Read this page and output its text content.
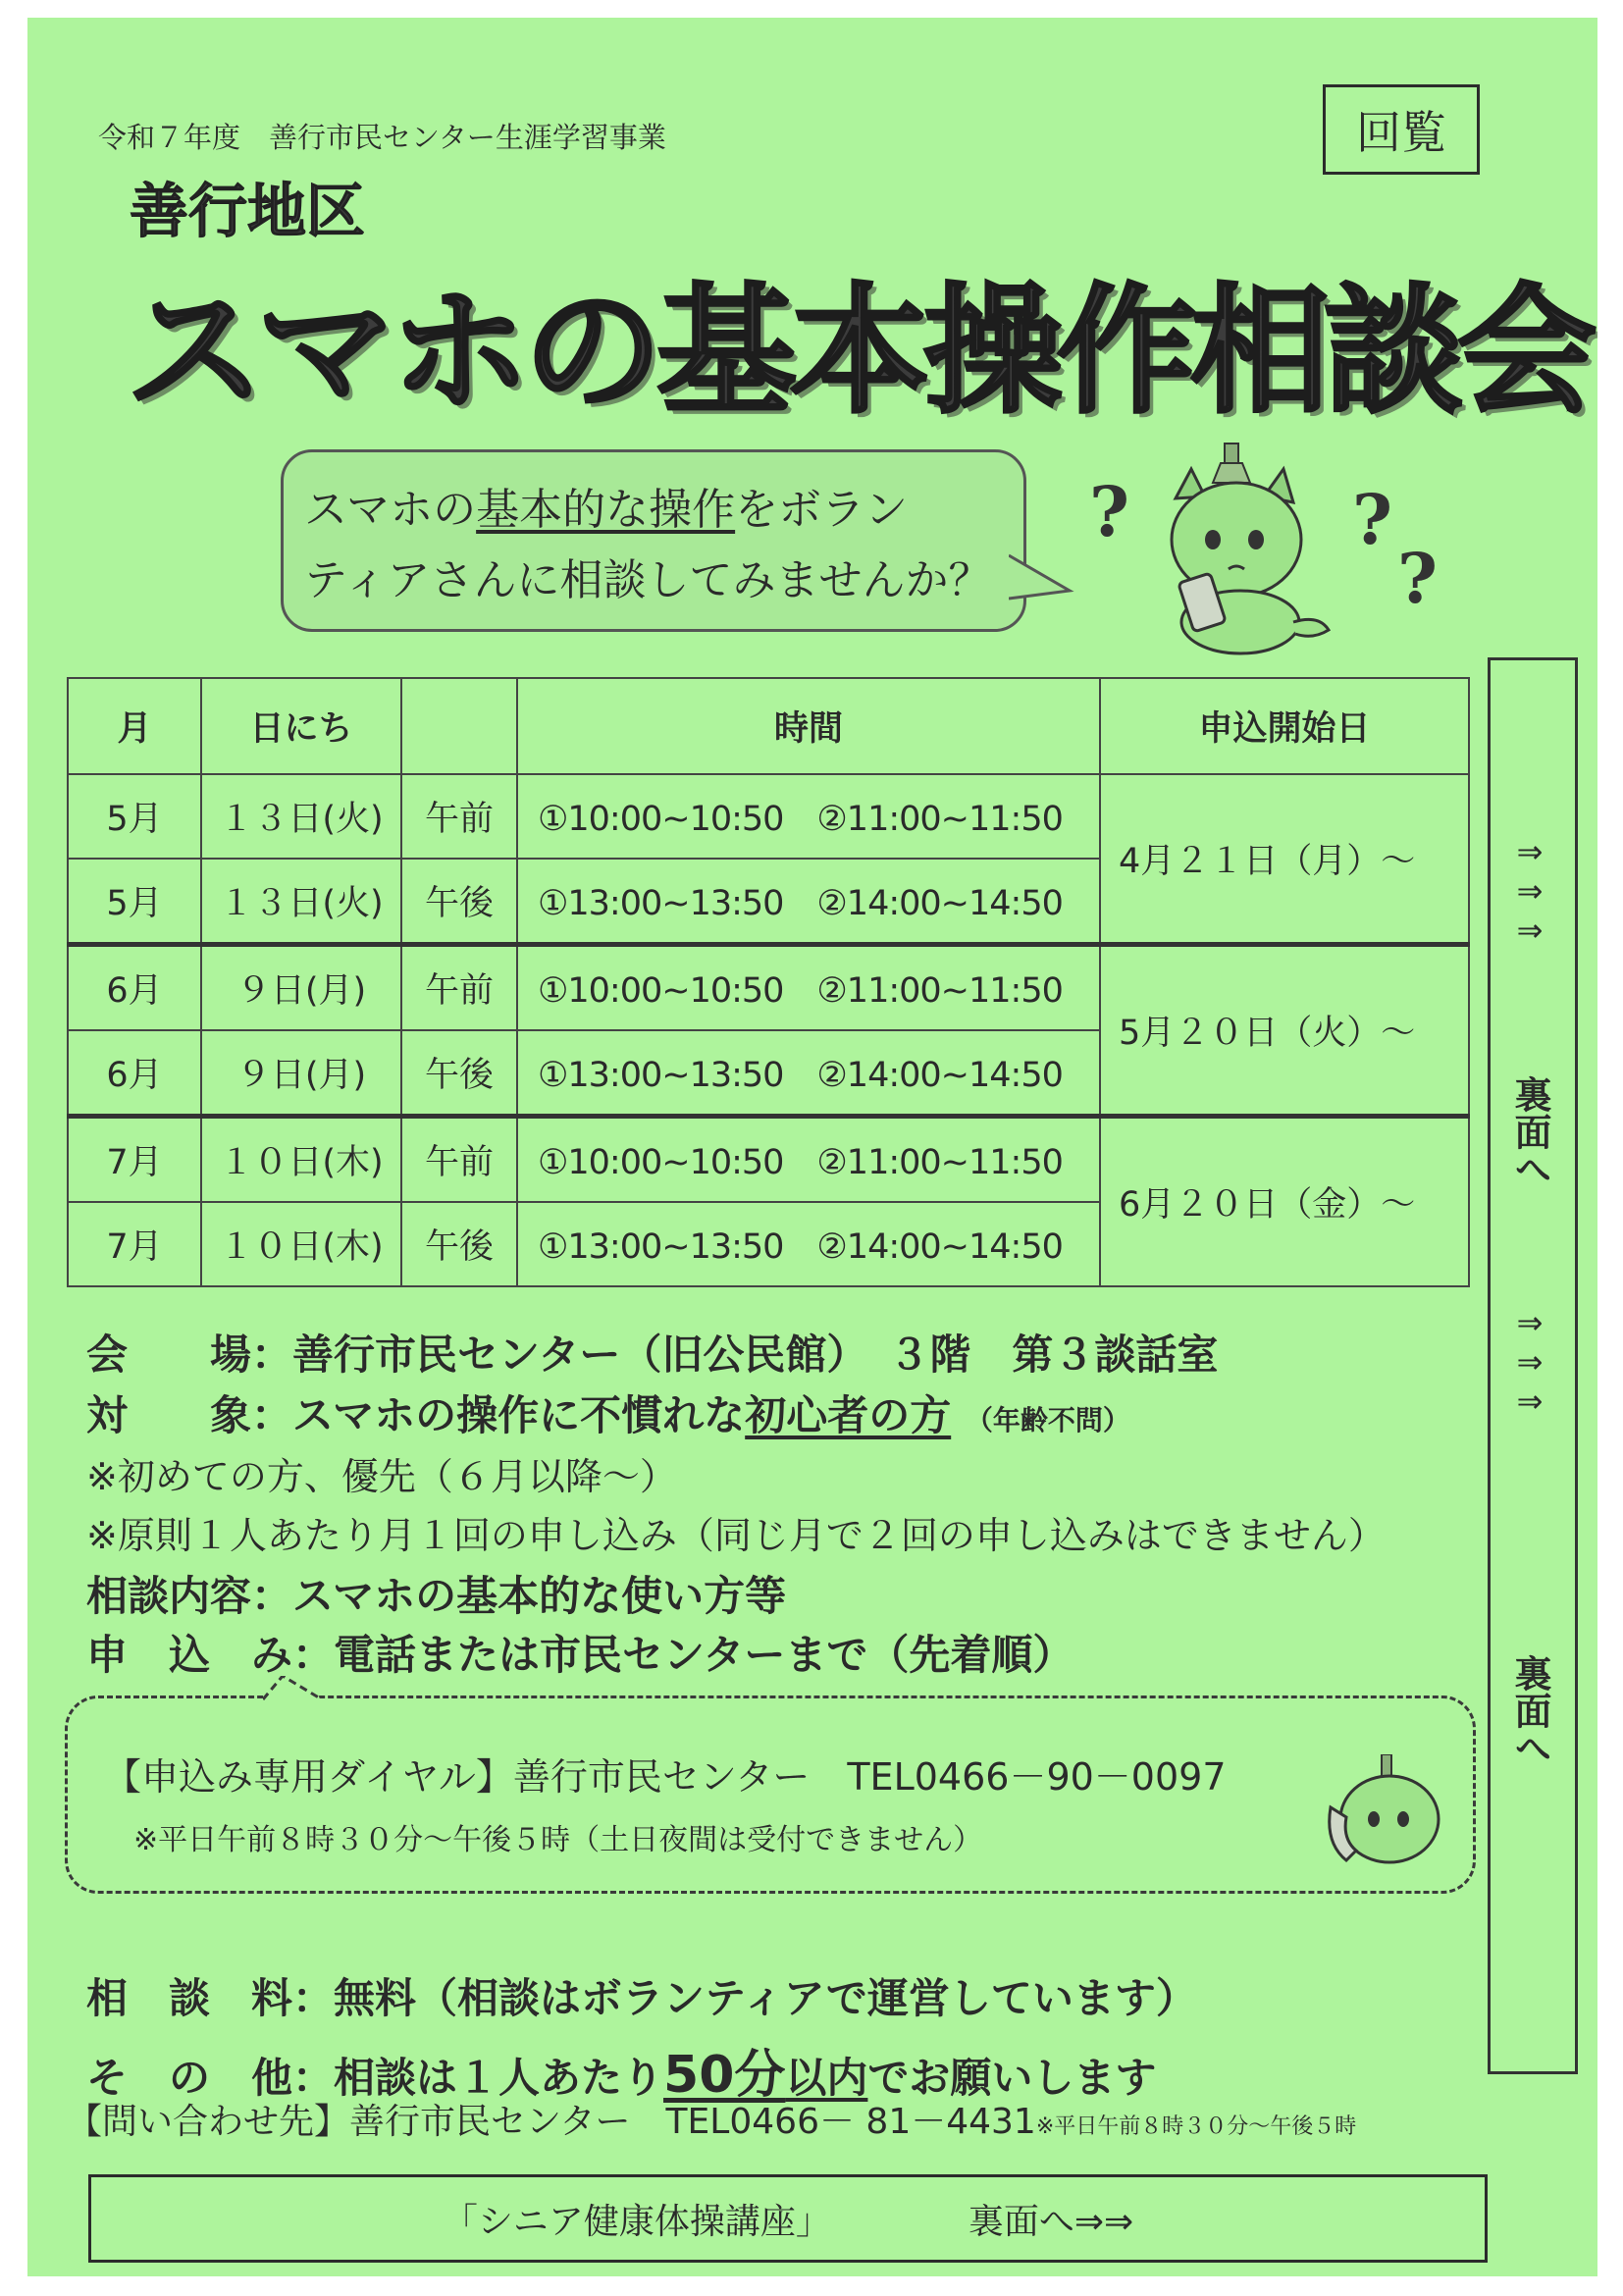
令和７年度　善行市民センター生涯学習事業	回覧
善行地区
スマホの基本操作相談会
スマホの基本的な操作をボラン
ティアさんに相談してみませんか？
?	?
?
月	日にち		時間	申込開始日
5月	１３日(火)	午前	①10:00~10:50　②11:00~11:50	4月２１日（月）～
5月	１３日(火)	午後	①13:00~13:50　②14:00~14:50	
6月	９日(月)	午前	①10:00~10:50　②11:00~11:50	5月２０日（火）～
6月	９日(月)	午後	①13:00~13:50　②14:00~14:50	
7月	１０日(木)	午前	①10:00~10:50　②11:00~11:50	6月２０日（金）～
7月	１０日(木)	午後	①13:00~13:50　②14:00~14:50	
⇒
⇒
⇒
裏面へ
⇒
⇒
⇒
裏面へ
会　　場：善行市民センター（旧公民館）　３階　第３談話室
対　　象：スマホの操作に不慣れな初心者の方 （年齢不問）
※初めての方、優先（６月以降～）
※原則１人あたり月１回の申し込み（同じ月で２回の申し込みはできません）
相談内容：スマホの基本的な使い方等
申　込　み：電話または市民センターまで（先着順）
【申込み専用ダイヤル】善行市民センター　TEL0466－90－0097
※平日午前８時３０分～午後５時（土日夜間は受付できません）
相　談　料：無料（相談はボランティアで運営しています）
そ　の　他：相談は１人あたり50分以内でお願いします
【問い合わせ先】善行市民センター　TEL0466－ 81－4431※平日午前８時３０分～午後５時
「シニア健康体操講座」	裏面へ⇒⇒
